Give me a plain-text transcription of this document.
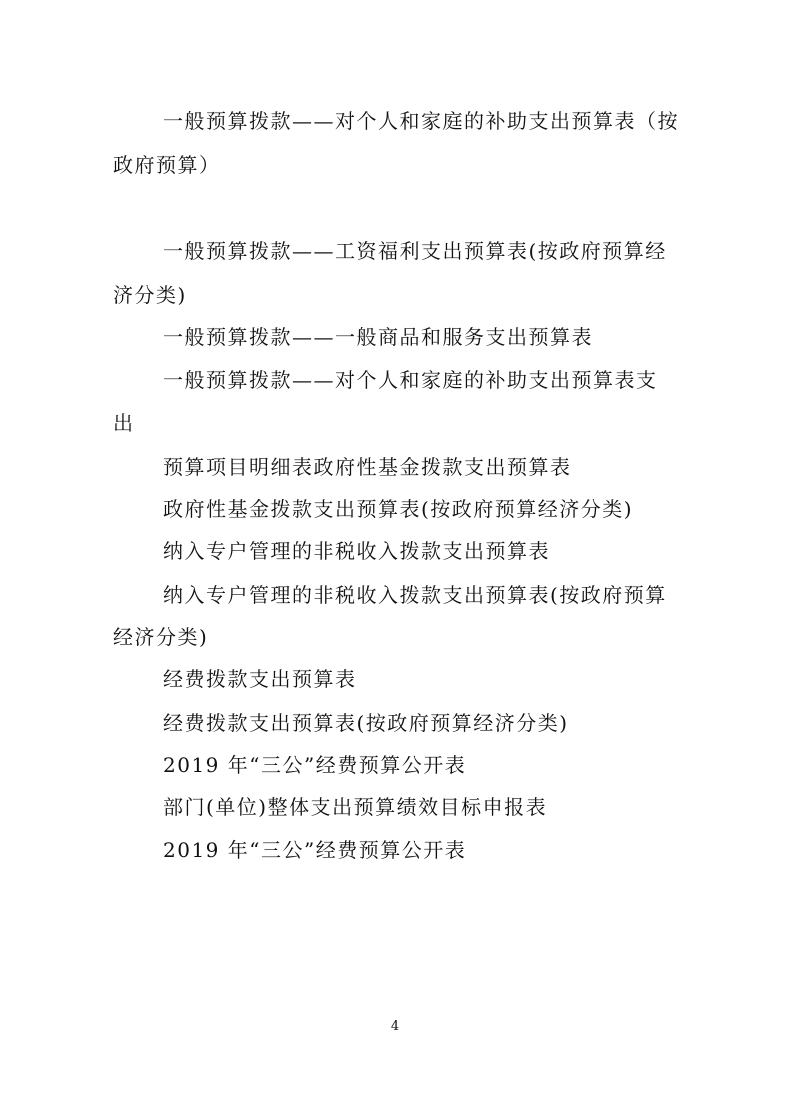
一般预算拨款——对个人和家庭的补助支出预算表（按

政府预算）

一般预算拨款——工资福利支出预算表(按政府预算经

济分类)

一般预算拨款——一般商品和服务支出预算表

一般预算拨款——对个人和家庭的补助支出预算表支

出

预算项目明细表政府性基金拨款支出预算表

政府性基金拨款支出预算表(按政府预算经济分类)

纳入专户管理的非税收入拨款支出预算表

纳入专户管理的非税收入拨款支出预算表(按政府预算

经济分类)

经费拨款支出预算表

经费拨款支出预算表(按政府预算经济分类)

2019 年“三公”经费预算公开表

部门(单位)整体支出预算绩效目标申报表

2019 年“三公”经费预算公开表

4
